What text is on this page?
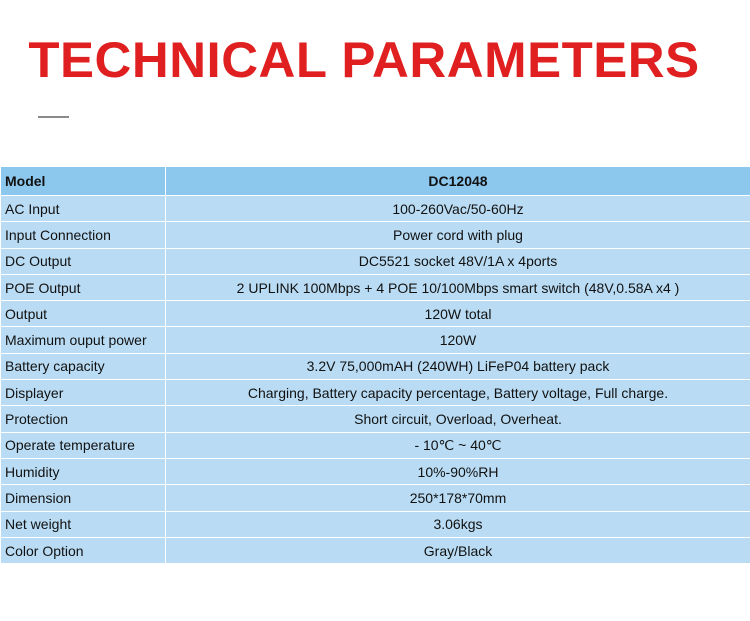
TECHNICAL PARAMETERS
Model	DC12048
AC Input	100-260Vac/50-60Hz
Input Connection	Power cord with plug
DC Output	DC5521 socket 48V/1A x 4ports
POE Output	2 UPLINK 100Mbps + 4 POE 10/100Mbps smart switch (48V,0.58A x4 )
Output	120W total
Maximum ouput power	120W
Battery capacity	3.2V 75,000mAH (240WH) LiFeP04 battery pack
Displayer	Charging, Battery capacity percentage, Battery voltage, Full charge.
Protection	Short circuit, Overload, Overheat.
Operate temperature	- 10℃ ~ 40℃
Humidity	10%-90%RH
Dimension	250*178*70mm
Net weight	3.06kgs
Color Option	Gray/Black
